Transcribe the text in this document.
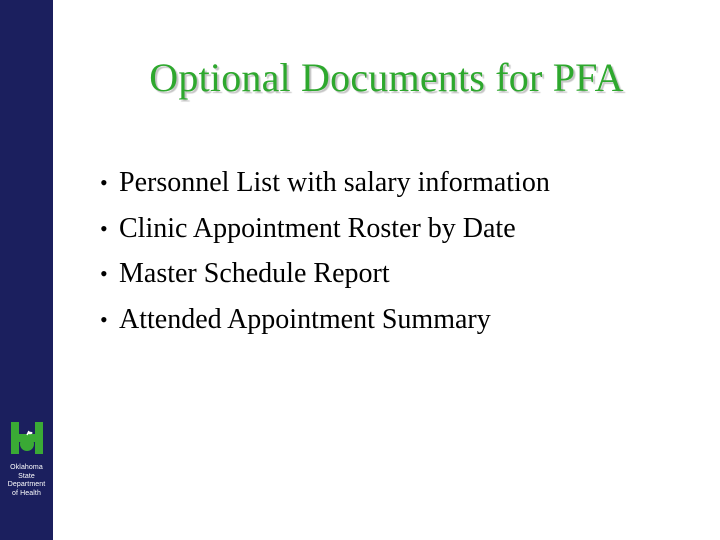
Oklahoma
State
Department
of Health
Optional Documents for PFA
• Personnel List with salary information
• Clinic Appointment Roster by Date
• Master Schedule Report
• Attended Appointment Summary
